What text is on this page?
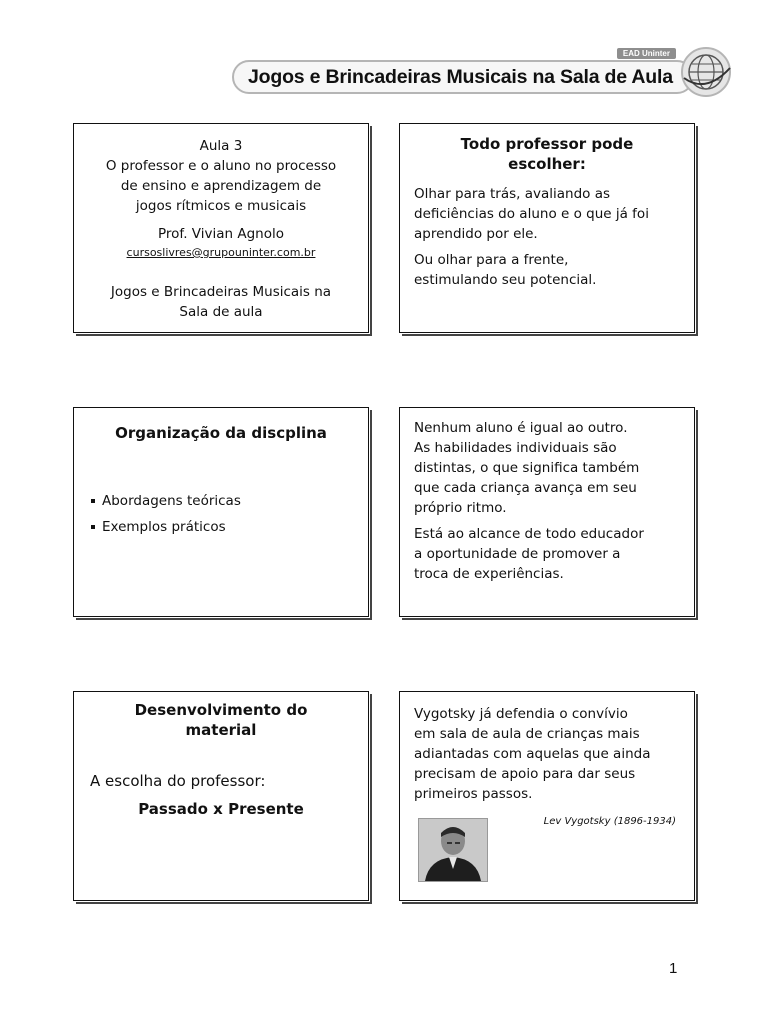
EAD Uninter
Jogos e Brincadeiras Musicais na Sala de Aula

Aula 3

O professor e o aluno no processo

de ensino e aprendizagem de

jogos rítmicos e musicais

Prof. Vivian Agnolo
cursoslivres@grupouninter.com.br

Jogos e Brincadeiras Musicais na

Sala de aula

Todo professor pode

escolher:

Olhar para trás, avaliando as

deficiências do aluno e o que já foi

aprendido por ele.

Ou olhar para a frente,

estimulando seu potencial.

Organização da discplina
Abordagens teóricas
Exemplos práticos

Nenhum aluno é igual ao outro.

As habilidades individuais são

distintas, o que significa também

que cada criança avança em seu

próprio ritmo.

Está ao alcance de todo educador

a oportunidade de promover a

troca de experiências.

Desenvolvimento do

material

A escolha do professor:
Passado x Presente

Vygotsky já defendia o convívio

em sala de aula de crianças mais

adiantadas com aquelas que ainda

precisam de apoio para dar seus

primeiros passos.

Lev Vygotsky (1896-1934)
1
